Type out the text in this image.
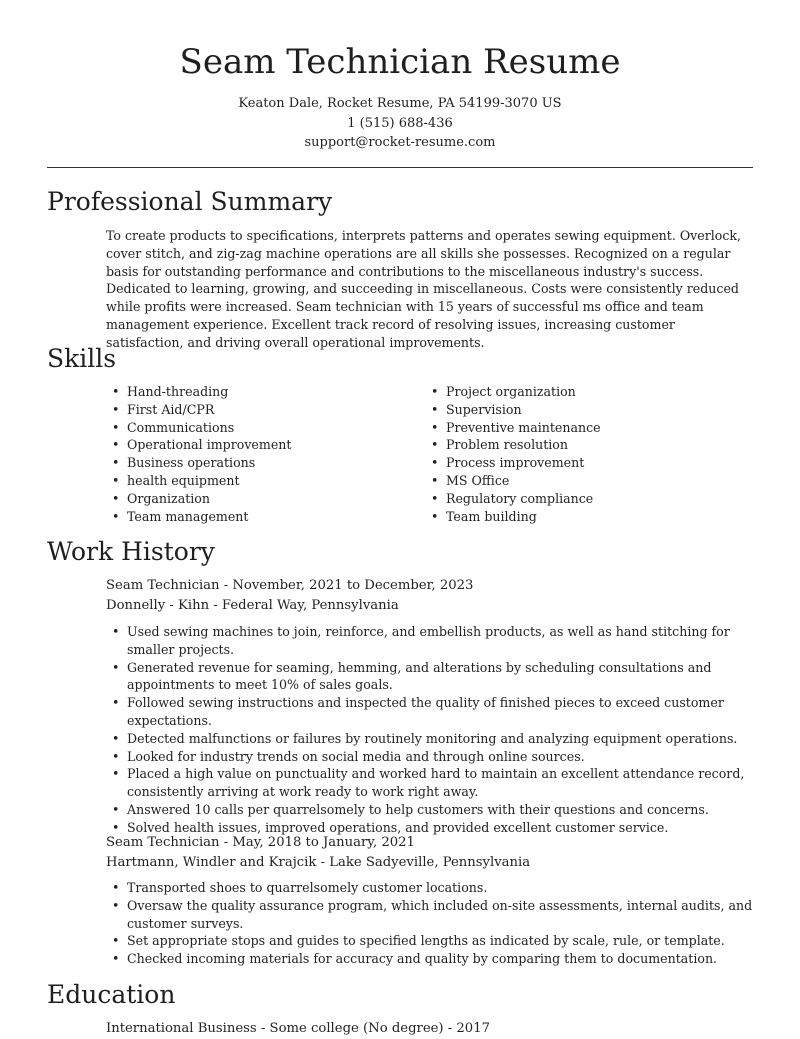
Seam Technician Resume
Keaton Dale, Rocket Resume, PA 54199-3070 US
1 (515) 688-436
support@rocket-resume.com
Professional Summary

To create products to specifications, interprets patterns and operates sewing equipment. Overlock, cover stitch, and zig-zag machine operations are all skills she possesses. Recognized on a regular basis for outstanding performance and contributions to the miscellaneous industry's success. Dedicated to learning, growing, and succeeding in miscellaneous. Costs were consistently reduced while profits were increased. Seam technician with 15 years of successful ms office and team management experience. Excellent track record of resolving issues, increasing customer satisfaction, and driving overall operational improvements.

Skills
• Hand-threading
• First Aid/CPR
• Communications
• Operational improvement
• Business operations
• health equipment
• Organization
• Team management
• Project organization
• Supervision
• Preventive maintenance
• Problem resolution
• Process improvement
• MS Office
• Regulatory compliance
• Team building
Work History
Seam Technician - November, 2021 to December, 2023
Donnelly - Kihn - Federal Way, Pennsylvania
• Used sewing machines to join, reinforce, and embellish products, as well as hand stitching for smaller projects.
• Generated revenue for seaming, hemming, and alterations by scheduling consultations and appointments to meet 10% of sales goals.
• Followed sewing instructions and inspected the quality of finished pieces to exceed customer expectations.
• Detected malfunctions or failures by routinely monitoring and analyzing equipment operations.
• Looked for industry trends on social media and through online sources.
• Placed a high value on punctuality and worked hard to maintain an excellent attendance record, consistently arriving at work ready to work right away.
• Answered 10 calls per quarrelsomely to help customers with their questions and concerns.
• Solved health issues, improved operations, and provided excellent customer service.
Seam Technician - May, 2018 to January, 2021
Hartmann, Windler and Krajcik - Lake Sadyeville, Pennsylvania
• Transported shoes to quarrelsomely customer locations.
• Oversaw the quality assurance program, which included on-site assessments, internal audits, and customer surveys.
• Set appropriate stops and guides to specified lengths as indicated by scale, rule, or template.
• Checked incoming materials for accuracy and quality by comparing them to documentation.
Education
International Business - Some college (No degree) - 2017
